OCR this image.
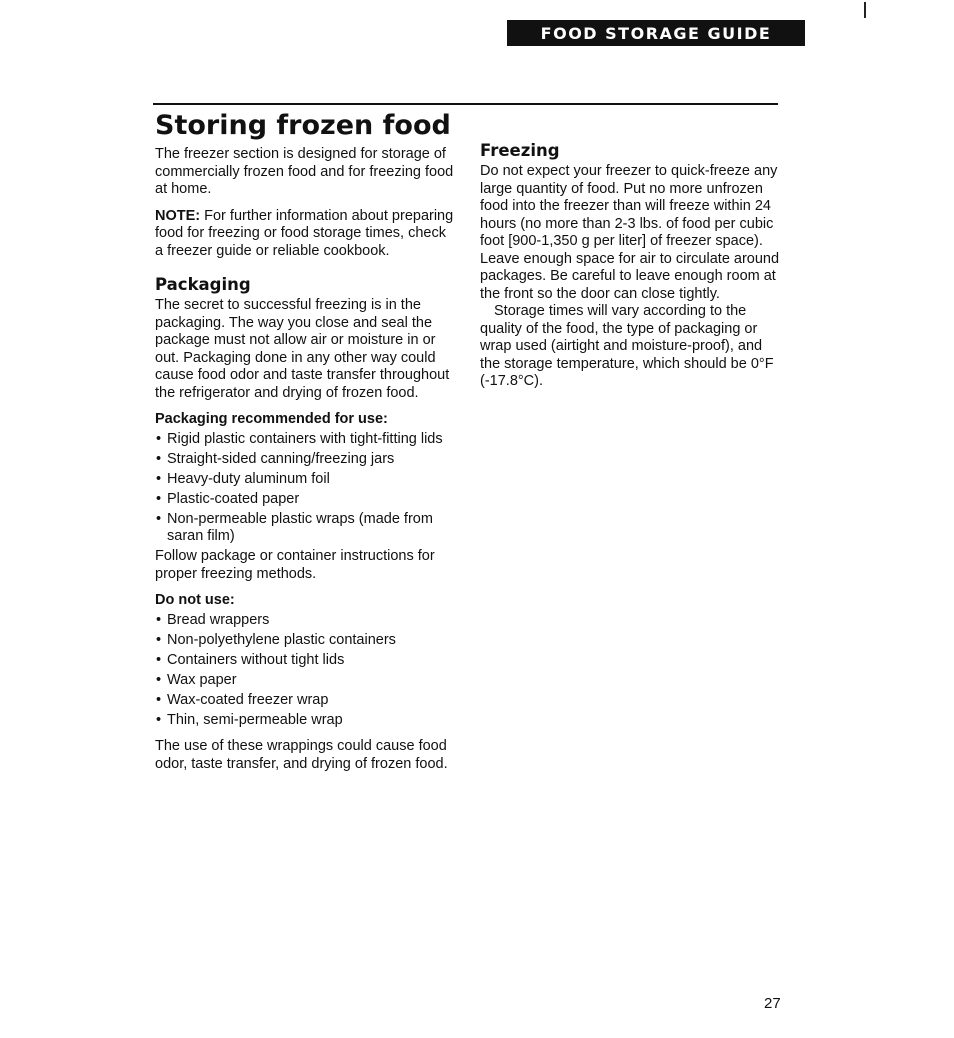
FOOD STORAGE GUIDE
Storing frozen food

The freezer section is designed for storage of commercially frozen food and for freezing food at home.

NOTE: For further information about preparing food for freezing or food storage times, check a freezer guide or reliable cookbook.

Packaging

The secret to successful freezing is in the packaging. The way you close and seal the package must not allow air or moisture in or out. Packaging done in any other way could cause food odor and taste transfer throughout the refrigerator and drying of frozen food.

Packaging recommended for use:
• Rigid plastic containers with tight-fitting lids
• Straight-sided canning/freezing jars
• Heavy-duty aluminum foil
• Plastic-coated paper
• Non-permeable plastic wraps (made from saran film)

Follow package or container instructions for proper freezing methods.

Do not use:
• Bread wrappers
• Non-polyethylene plastic containers
• Containers without tight lids
• Wax paper
• Wax-coated freezer wrap
• Thin, semi-permeable wrap

The use of these wrappings could cause food odor, taste transfer, and drying of frozen food.

Freezing

Do not expect your freezer to quick-freeze any large quantity of food. Put no more unfrozen food into the freezer than will freeze within 24 hours (no more than 2-3 lbs. of food per cubic foot [900-1,350 g per liter] of freezer space). Leave enough space for air to circulate around packages. Be careful to leave enough room at the front so the door can close tightly.

Storage times will vary according to the quality of the food, the type of packaging or wrap used (airtight and moisture-proof), and the storage temperature, which should be 0°F (-17.8°C).

27
